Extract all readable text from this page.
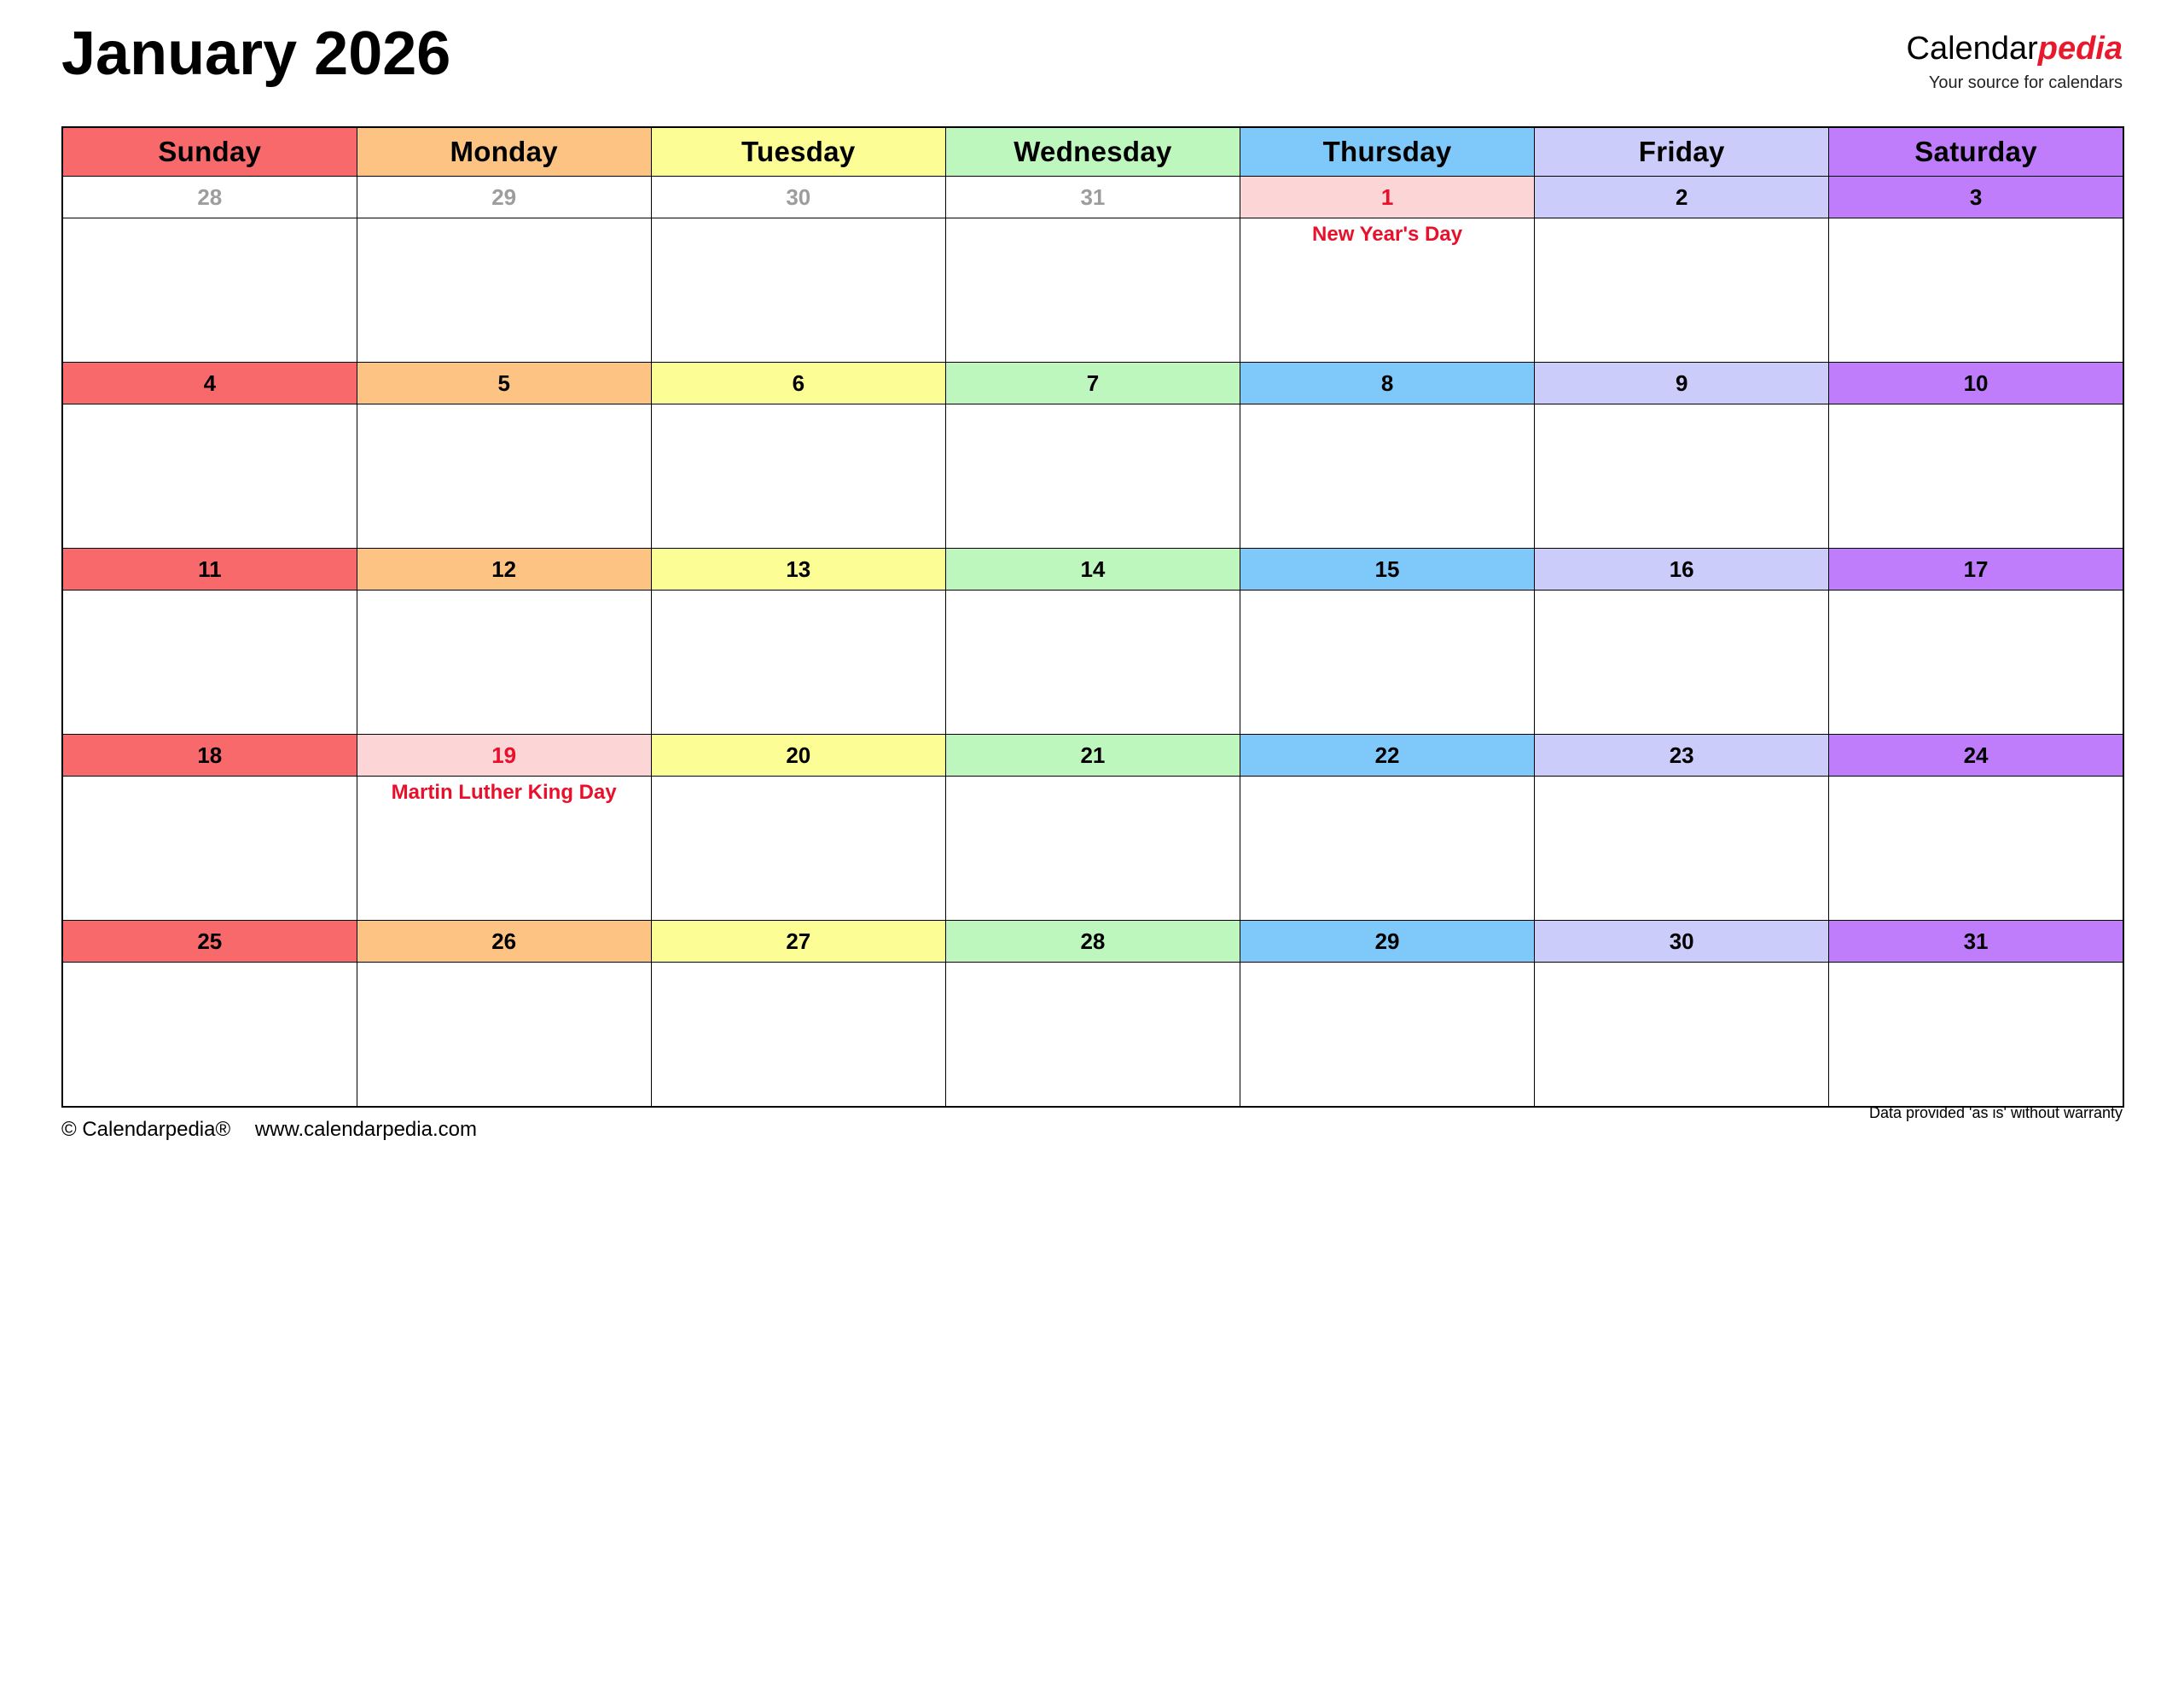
January 2026	Calendarpedia
Your source for calendars
Sunday	Monday	Tuesday	Wednesday	Thursday	Friday	Saturday
28	29	30	31	1	2	3

				New Year's Day		

4	5	6	7	8	9	10

11	12	13	14	15	16	17

18	19	20	21	22	23	24

	Martin Luther King Day					

25	26	27	28	29	30	31

© Calendarpedia® www.calendarpedia.com
Data provided 'as is' without warranty
